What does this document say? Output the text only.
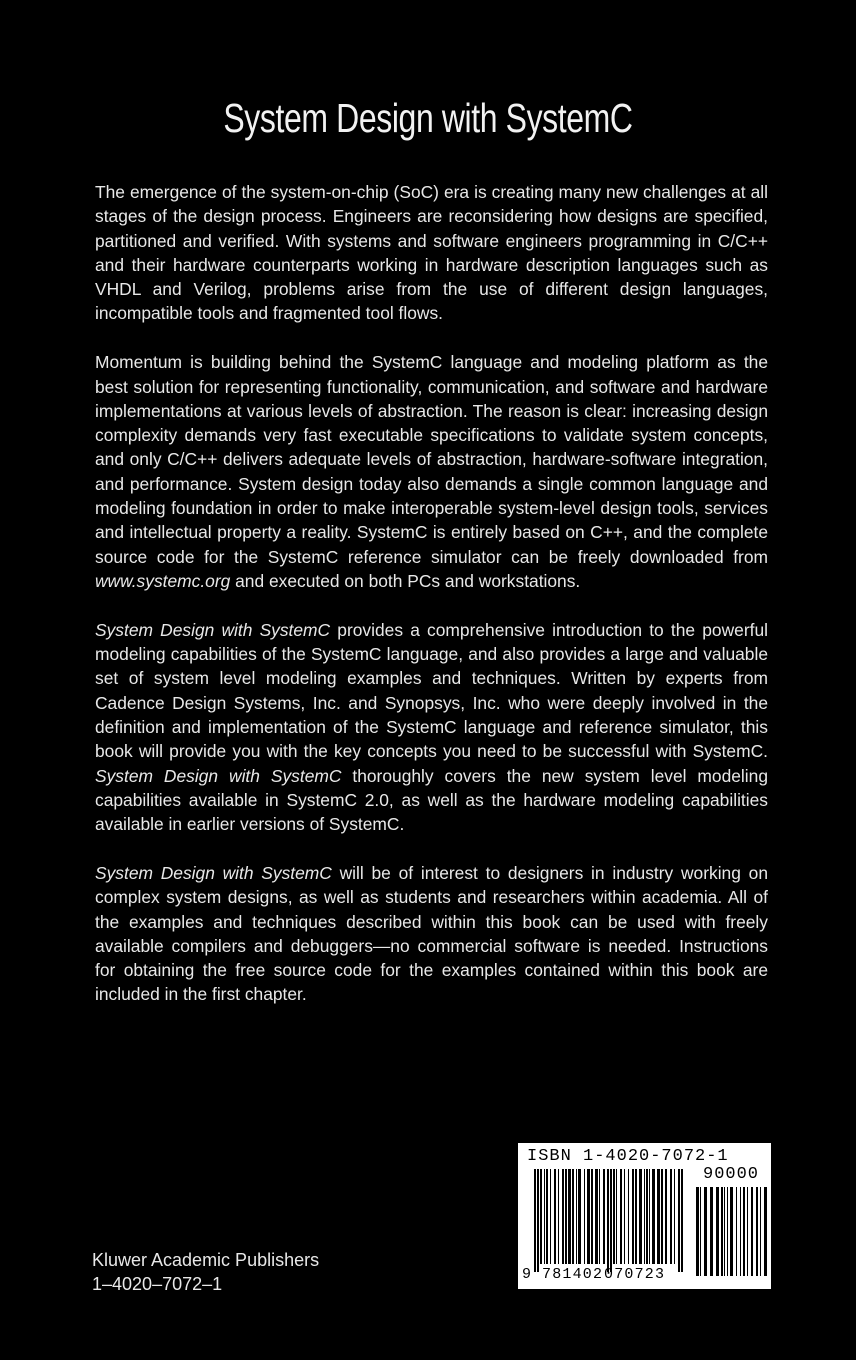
System Design with SystemC

The emergence of the system-on-chip (SoC) era is creating many new challenges at all stages of the design process. Engineers are reconsidering how designs are specified, partitioned and verified. With systems and software engineers programming in C/C++ and their hardware counterparts working in hardware description languages such as VHDL and Verilog, problems arise from the use of different design languages, incompatible tools and fragmented tool flows.

Momentum is building behind the SystemC language and modeling platform as the best solution for representing functionality, communication, and software and hardware implementations at various levels of abstraction. The reason is clear: increasing design complexity demands very fast executable specifications to validate system concepts, and only C/C++ delivers adequate levels of abstraction, hardware-software integration, and performance. System design today also demands a single common language and modeling foundation in order to make interoperable system-level design tools, services and intellectual property a reality. SystemC is entirely based on C++, and the complete source code for the SystemC reference simulator can be freely downloaded from www.systemc.org and executed on both PCs and workstations.

System Design with SystemC provides a comprehensive introduction to the powerful modeling capabilities of the SystemC language, and also provides a large and valuable set of system level modeling examples and techniques. Written by experts from Cadence Design Systems, Inc. and Synopsys, Inc. who were deeply involved in the definition and implementation of the SystemC language and reference simulator, this book will provide you with the key concepts you need to be successful with SystemC. System Design with SystemC thoroughly covers the new system level modeling capabilities available in SystemC 2.0, as well as the hardware modeling capabilities available in earlier versions of SystemC.

System Design with SystemC will be of interest to designers in industry working on complex system designs, as well as students and researchers within academia. All of the examples and techniques described within this book can be used with freely available compilers and debuggers—no commercial software is needed. Instructions for obtaining the free source code for the examples contained within this book are included in the first chapter.

Kluwer Academic Publishers
1–4020–7072–1
ISBN 1-4020-7072-1
90000
9 781402 070723
